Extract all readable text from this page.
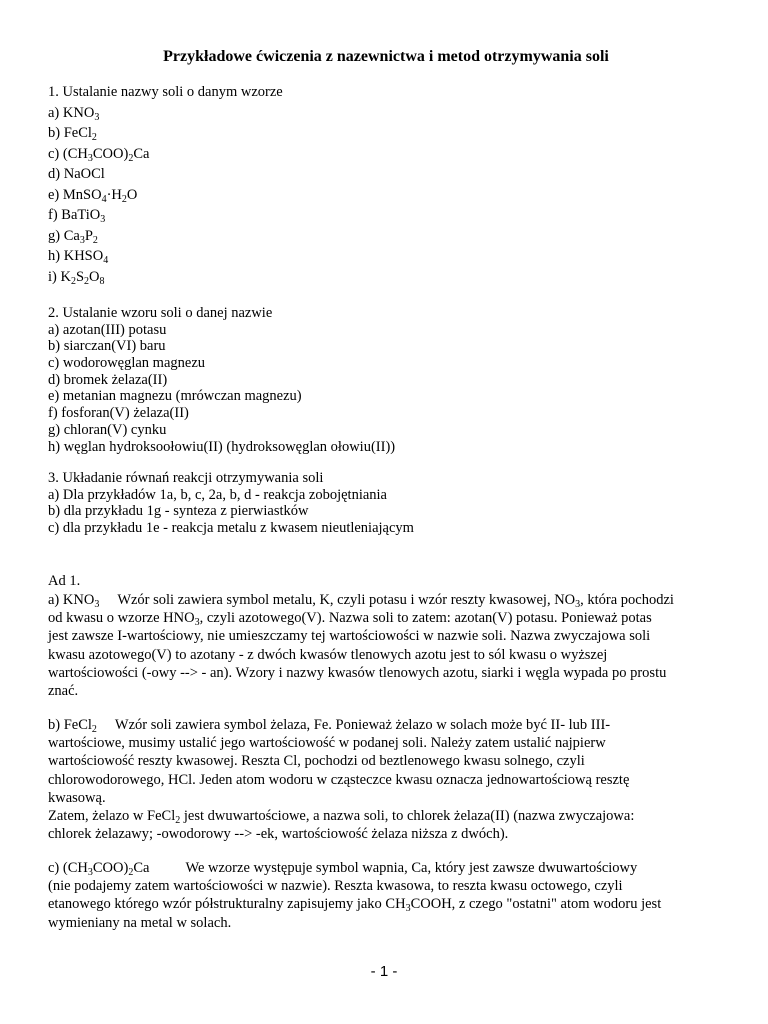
Przykładowe ćwiczenia z nazewnictwa i metod otrzymywania soli
1. Ustalanie nazwy soli o danym wzorze
a) $KNO_3$
b) FeCl$_2$
c) $(CH_3COO)_2Ca$
d) NaOCl
e) $MnSO_4\cdot H_2O$
f) BaTiO$_3$
g) $Ca_3P_2$
h) $KHSO_4$
i) $K_2S_2O_8$
2. Ustalanie wzoru soli o danej nazwie
a) azotan(III) potasu
b) siarczan(VI) baru
c) wodorowęglan magnezu
d) bromek żelaza(II)
e) metanian magnezu (mrówczan magnezu)
f) fosforan(V) żelaza(II)
g) chloran(V) cynku
h) węglan hydroksoołowiu(II) (hydroksowęglan ołowiu(II))
3. Układanie równań reakcji otrzymywania soli
a) Dla przykładów 1a, b, c, 2a, b, d - reakcja zobojętniania
b) dla przykładu 1g - synteza z pierwiastków
c) dla przykładu 1e - reakcja metalu z kwasem nieutleniającym
Ad 1.
a) $KNO_3$ Wzór soli zawiera symbol metalu, K, czyli potasu i wzór reszty kwasowej, $NO_3$, która pochodzi
od kwasu o wzorze $HNO_3$, czyli azotowego(V). Nazwa soli to zatem: azotan(V) potasu. Ponieważ potas
jest zawsze I-wartościowy, nie umieszczamy tej wartościowości w nazwie soli. Nazwa zwyczajowa soli
kwasu azotowego(V) to azotany - z dwóch kwasów tlenowych azotu jest to sól kwasu o wyższej
wartościowości (-owy --> - an). Wzory i nazwy kwasów tlenowych azotu, siarki i węgla wypada po prostu
znać.
b) FeCl$_2$ Wzór soli zawiera symbol żelaza, Fe. Ponieważ żelazo w solach może być II- lub III-
wartościowe, musimy ustalić jego wartościowość w podanej soli. Należy zatem ustalić najpierw
wartościowość reszty kwasowej. Reszta Cl, pochodzi od beztlenowego kwasu solnego, czyli
chlorowodorowego, HCl. Jeden atom wodoru w cząsteczce kwasu oznacza jednowartościową resztę
kwasową.
Zatem, żelazo w FeCl$_2$ jest dwuwartościowe, a nazwa soli, to chlorek żelaza(II) (nazwa zwyczajowa:
chlorek żelazawy; -owodorowy --> -ek, wartościowość żelaza niższa z dwóch).
c) $(CH_3COO)_2Ca$ We wzorze występuje symbol wapnia, Ca, który jest zawsze dwuwartościowy
(nie podajemy zatem wartościowości w nazwie). Reszta kwasowa, to reszta kwasu octowego, czyli
etanowego którego wzór półstrukturalny zapisujemy jako $CH_3COOH$, z czego "ostatni" atom wodoru jest
wymieniany na metal w solach.
- 1 -
